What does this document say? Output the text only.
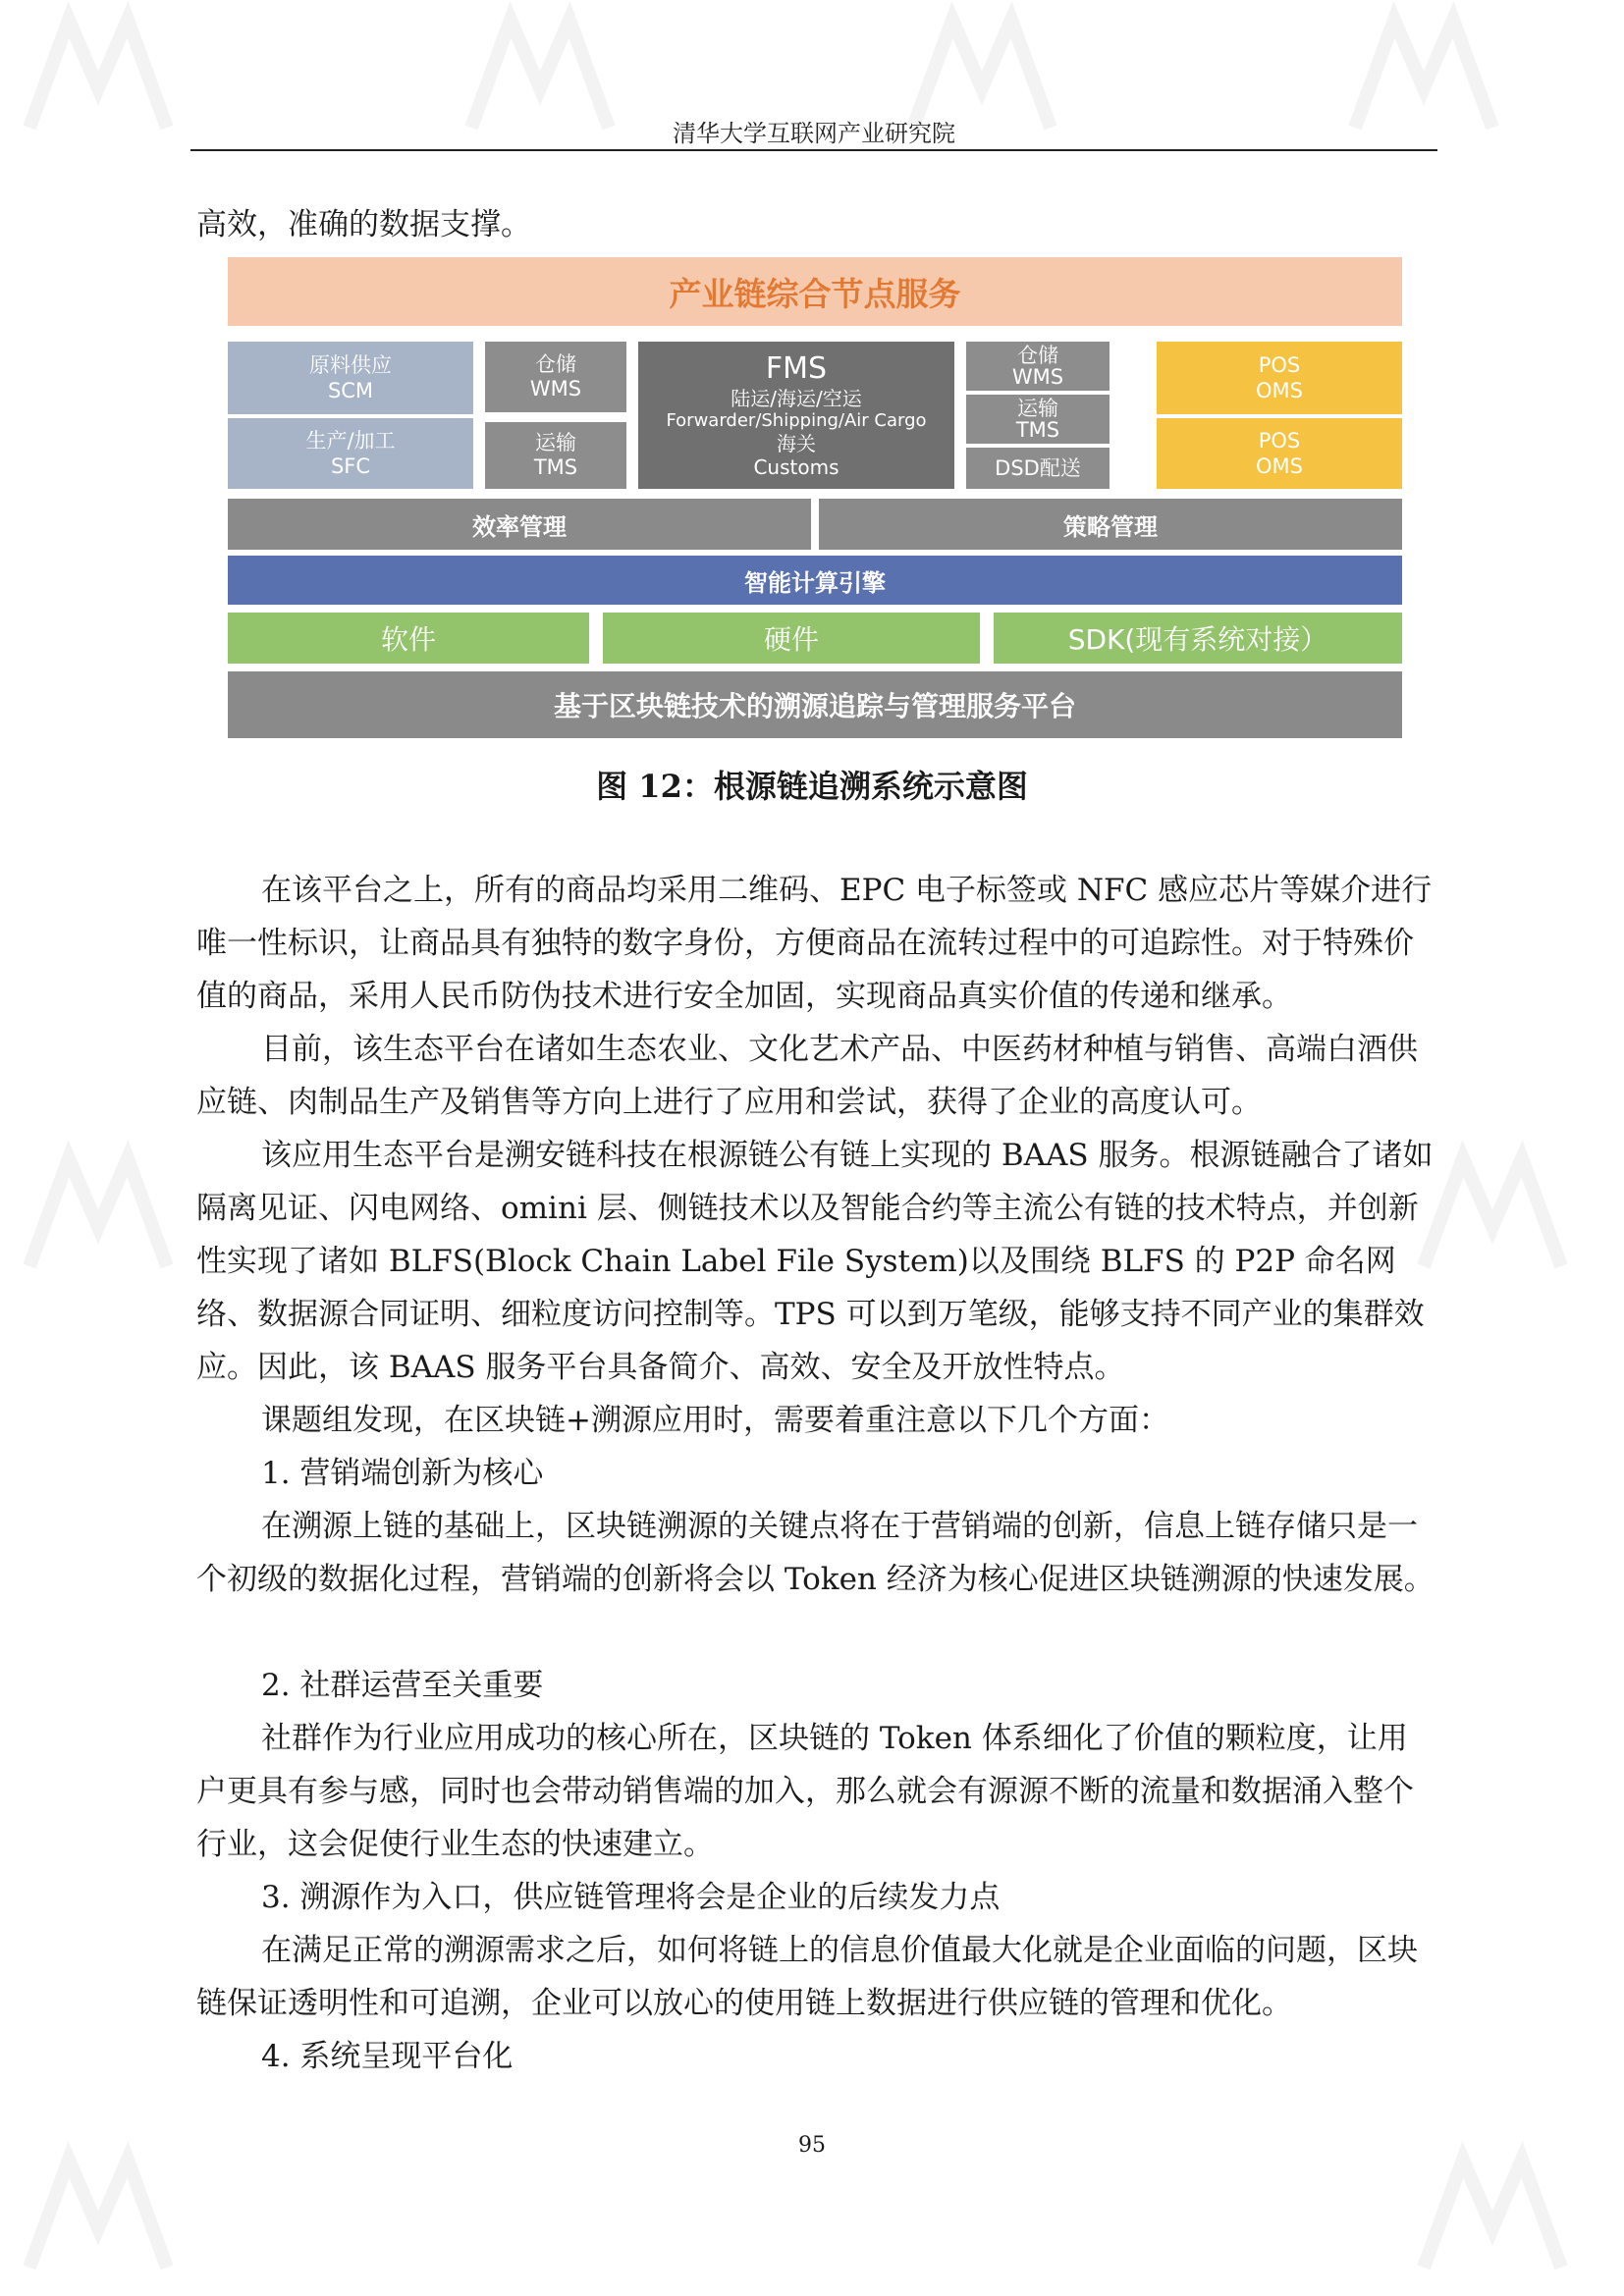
清华大学互联网产业研究院

高效，准确的数据支撑。

产业链综合节点服务
原料供应
SCM
生产/加工
SFC
仓储
WMS
运输
TMS
FMS
陆运/海运/空运
Forwarder/Shipping/Air Cargo
海关
Customs
仓储
WMS
运输
TMS
DSD配送
POS
OMS
POS
OMS
效率管理	策略管理
智能计算引擎
软件	硬件	SDK(现有系统对接）
基于区块链技术的溯源追踪与管理服务平台
图 12：根源链追溯系统示意图

在该平台之上，所有的商品均采用二维码、EPC 电子标签或 NFC 感应芯片等媒介进行唯一性标识，让商品具有独特的数字身份，方便商品在流转过程中的可追踪性。对于特殊价值的商品，采用人民币防伪技术进行安全加固，实现商品真实价值的传递和继承。

目前，该生态平台在诸如生态农业、文化艺术产品、中医药材种植与销售、高端白酒供应链、肉制品生产及销售等方向上进行了应用和尝试，获得了企业的高度认可。

该应用生态平台是溯安链科技在根源链公有链上实现的 BAAS 服务。根源链融合了诸如隔离见证、闪电网络、omini 层、侧链技术以及智能合约等主流公有链的技术特点，并创新性实现了诸如 BLFS(Block Chain Label File System)以及围绕 BLFS 的 P2P 命名网络、数据源合同证明、细粒度访问控制等。TPS 可以到万笔级，能够支持不同产业的集群效应。因此，该 BAAS 服务平台具备简介、高效、安全及开放性特点。

课题组发现，在区块链+溯源应用时，需要着重注意以下几个方面：

1. 营销端创新为核心

在溯源上链的基础上，区块链溯源的关键点将在于营销端的创新，信息上链存储只是一个初级的数据化过程，营销端的创新将会以 Token 经济为核心促进区块链溯源的快速发展。

2. 社群运营至关重要

社群作为行业应用成功的核心所在，区块链的 Token 体系细化了价值的颗粒度，让用户更具有参与感，同时也会带动销售端的加入，那么就会有源源不断的流量和数据涌入整个行业，这会促使行业生态的快速建立。

3. 溯源作为入口，供应链管理将会是企业的后续发力点

在满足正常的溯源需求之后，如何将链上的信息价值最大化就是企业面临的问题，区块链保证透明性和可追溯，企业可以放心的使用链上数据进行供应链的管理和优化。

4. 系统呈现平台化

95
